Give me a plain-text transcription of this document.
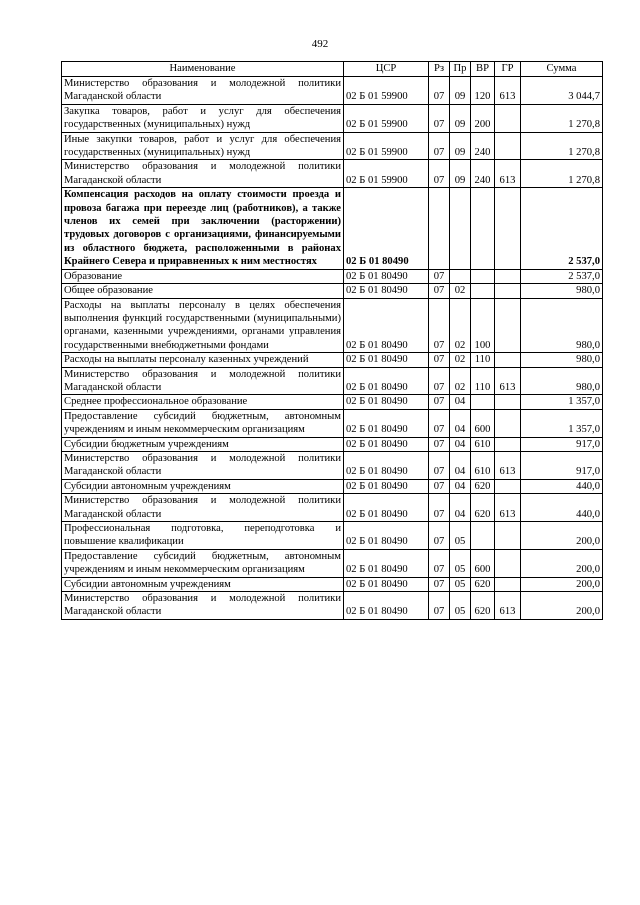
492
Наименование	ЦСР	Рз	Пр	ВР	ГР	Сумма
Министерство образования и молодежной политики Магаданской области	02 Б 01 59900	07	09	120	613	3 044,7
Закупка товаров, работ и услуг для обеспечения государственных (муниципальных) нужд	02 Б 01 59900	07	09	200		1 270,8
Иные закупки товаров, работ и услуг для обеспечения государственных (муниципальных) нужд	02 Б 01 59900	07	09	240		1 270,8
Министерство образования и молодежной политики Магаданской области	02 Б 01 59900	07	09	240	613	1 270,8
Компенсация расходов на оплату стоимости проезда и провоза багажа при переезде лиц (работников), а также членов их семей при заключении (расторжении) трудовых договоров с организациями, финансируемыми из областного бюджета, расположенными в районах Крайнего Севера и приравненных к ним местностях	02 Б 01 80490					2 537,0
Образование	02 Б 01 80490	07				2 537,0
Общее образование	02 Б 01 80490	07	02			980,0
Расходы на выплаты персоналу в целях обеспечения выполнения функций государственными (муниципальными) органами, казенными учреждениями, органами управления государственными внебюджетными фондами	02 Б 01 80490	07	02	100		980,0
Расходы на выплаты персоналу казенных учреждений	02 Б 01 80490	07	02	110		980,0
Министерство образования и молодежной политики Магаданской области	02 Б 01 80490	07	02	110	613	980,0
Среднее профессиональное образование	02 Б 01 80490	07	04			1 357,0
Предоставление субсидий бюджетным, автономным учреждениям и иным некоммерческим организациям	02 Б 01 80490	07	04	600		1 357,0
Субсидии бюджетным учреждениям	02 Б 01 80490	07	04	610		917,0
Министерство образования и молодежной политики Магаданской области	02 Б 01 80490	07	04	610	613	917,0
Субсидии автономным учреждениям	02 Б 01 80490	07	04	620		440,0
Министерство образования и молодежной политики Магаданской области	02 Б 01 80490	07	04	620	613	440,0
Профессиональная подготовка, переподготовка и повышение квалификации	02 Б 01 80490	07	05			200,0
Предоставление субсидий бюджетным, автономным учреждениям и иным некоммерческим организациям	02 Б 01 80490	07	05	600		200,0
Субсидии автономным учреждениям	02 Б 01 80490	07	05	620		200,0
Министерство образования и молодежной политики Магаданской области	02 Б 01 80490	07	05	620	613	200,0
